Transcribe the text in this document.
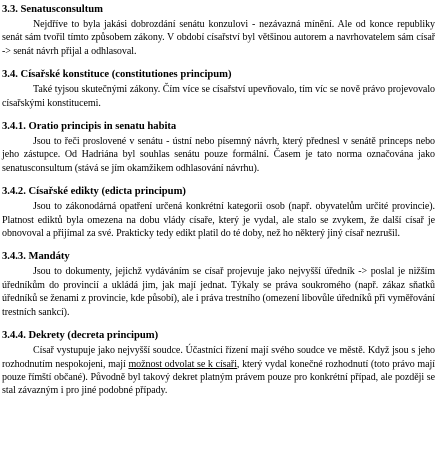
3.3. Senatusconsultum

Nejdříve to byla jakási dobrozdání senátu konzulovi - nezávazná mínění. Ale od konce republiky senát sám tvořil tímto způsobem zákony. V období císařství byl většinou autorem a navrhovatelem sám císař -> senát návrh přijal a odhlasoval.

3.4. Císařské konstituce (constitutiones principum)

Také tyjsou skutečnými zákony. Čím více se císařství upevňovalo, tím víc se nově právo projevovalo císařskými konstitucemi.

3.4.1. Oratio principis in senatu habita

Jsou to řeči proslovené v senátu - ústní nebo písemný návrh, který přednesl v senátě princeps nebo jeho zástupce. Od Hadriána byl souhlas senátu pouze formální. Časem je tato norma označována jako senatusconsultum (stává se jím okamžikem odhlasování návrhu).

3.4.2. Císařské edikty (edicta principum)

Jsou to zákonodárná opatření určená konkrétní kategorii osob (např. obyvatelům určité provincie). Platnost ediktů byla omezena na dobu vlády císaře, který je vydal, ale stalo se zvykem, že další císař je obnovoval a přijímal za své. Prakticky tedy edikt platil do té doby, než ho některý jiný císař nezrušil.

3.4.3. Mandáty

Jsou to dokumenty, jejichž vydáváním se císař projevuje jako nejvyšší úředník -> poslal je nižším úředníkům do provincií a ukládá jim, jak mají jednat. Týkaly se práva soukromého (např. zákaz sňatků úředníků se ženami z provincie, kde působí), ale i práva trestního (omezení libovůle úředníků při vyměřování trestních sankcí).

3.4.4. Dekrety (decreta principum)

Císař vystupuje jako nejvyšší soudce. Účastníci řízení mají svého soudce ve městě. Když jsou s jeho rozhodnutím nespokojeni, mají možnost odvolat se k císaři, který vydal konečné rozhodnutí (toto právo mají pouze římští občané). Původně byl takový dekret platným právem pouze pro konkrétní případ, ale později se stal závazným i pro jiné podobné případy.
